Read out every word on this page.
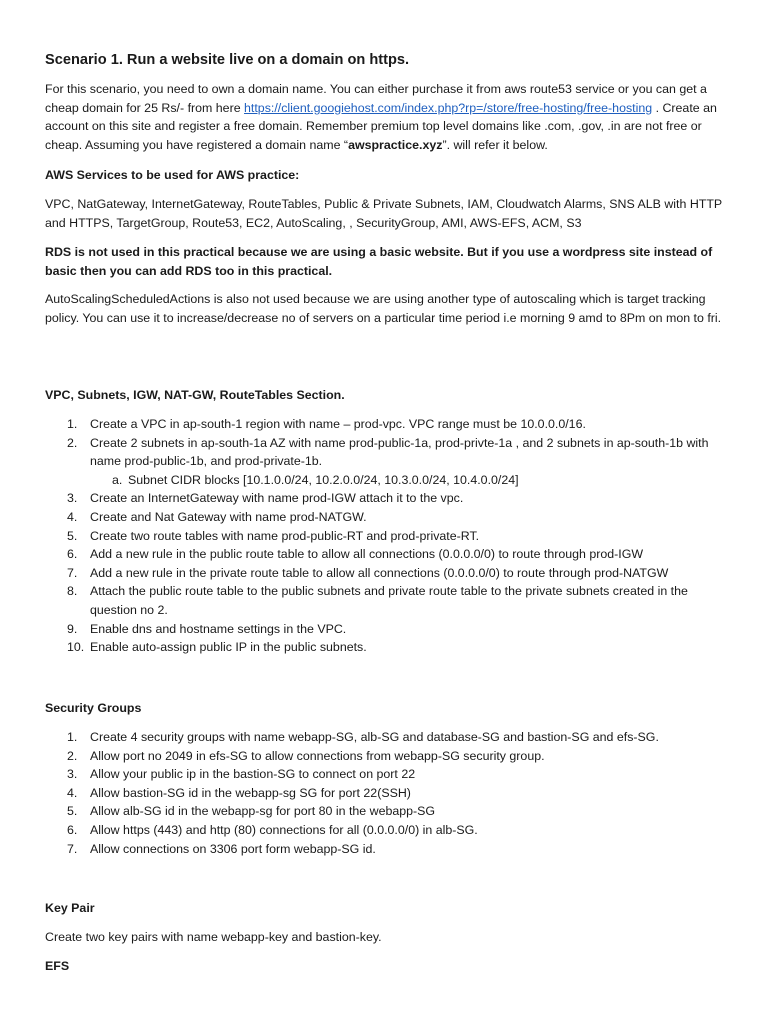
Scenario 1. Run a website live on a domain on https.

For this scenario, you need to own a domain name. You can either purchase it from aws route53 service or you can get a cheap domain for 25 Rs/- from here https://client.googiehost.com/index.php?rp=/store/free-hosting/free-hosting . Create an account on this site and register a free domain. Remember premium top level domains like .com, .gov, .in are not free or cheap. Assuming you have registered a domain name “awspractice.xyz”. will refer it below.

AWS Services to be used for AWS practice:

VPC, NatGateway, InternetGateway, RouteTables, Public & Private Subnets, IAM, Cloudwatch Alarms, SNS ALB with HTTP and HTTPS, TargetGroup, Route53, EC2, AutoScaling, , SecurityGroup, AMI, AWS-EFS, ACM, S3

RDS is not used in this practical because we are using a basic website. But if you use a wordpress site instead of basic then you can add RDS too in this practical.

AutoScalingScheduledActions is also not used because we are using another type of autoscaling which is target tracking policy. You can use it to increase/decrease no of servers on a particular time period i.e morning 9 amd to 8Pm on mon to fri.

VPC, Subnets, IGW, NAT-GW, RouteTables Section.

1. Create a VPC in ap-south-1 region with name – prod-vpc. VPC range must be 10.0.0.0/16.
2. Create 2 subnets in ap-south-1a AZ with name prod-public-1a, prod-privte-1a , and 2 subnets in ap-south-1b with name prod-public-1b, and prod-private-1b.
a. Subnet CIDR blocks [10.1.0.0/24, 10.2.0.0/24, 10.3.0.0/24, 10.4.0.0/24]
3. Create an InternetGateway with name prod-IGW attach it to the vpc.
4. Create and Nat Gateway with name prod-NATGW.
5. Create two route tables with name prod-public-RT and prod-private-RT.
6. Add a new rule in the public route table to allow all connections (0.0.0.0/0) to route through prod-IGW
7. Add a new rule in the private route table to allow all connections (0.0.0.0/0) to route through prod-NATGW
8. Attach the public route table to the public subnets and private route table to the private subnets created in the question no 2.
9. Enable dns and hostname settings in the VPC.
10. Enable auto-assign public IP in the public subnets.

Security Groups

1. Create 4 security groups with name webapp-SG, alb-SG and database-SG and bastion-SG and efs-SG.
2. Allow port no 2049 in efs-SG to allow connections from webapp-SG security group.
3. Allow your public ip in the bastion-SG to connect on port 22
4. Allow bastion-SG id in the webapp-sg SG for port 22(SSH)
5. Allow alb-SG id in the webapp-sg for port 80 in the webapp-SG
6. Allow https (443) and http (80) connections for all (0.0.0.0/0) in alb-SG.
7. Allow connections on 3306 port form webapp-SG id.

Key Pair

Create two key pairs with name webapp-key and bastion-key.

EFS
